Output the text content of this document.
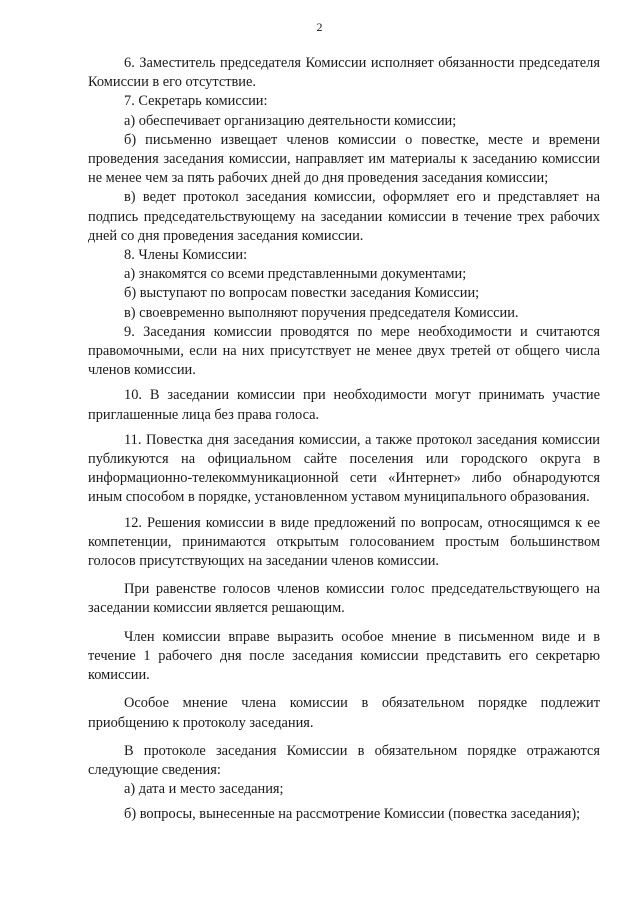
2

6. Заместитель председателя Комиссии исполняет обязанности председателя Комиссии в его отсутствие.

7. Секретарь комиссии:

а) обеспечивает организацию деятельности комиссии;

б) письменно извещает членов комиссии о повестке, месте и времени проведения заседания комиссии, направляет им материалы к заседанию комиссии не менее чем за пять рабочих дней до дня проведения заседания комиссии;

в) ведет протокол заседания комиссии, оформляет его и представляет на подпись председательствующему на заседании комиссии в течение трех рабочих дней со дня проведения заседания комиссии.

8. Члены Комиссии:

а) знакомятся со всеми представленными документами;

б) выступают по вопросам повестки заседания Комиссии;

в) своевременно выполняют поручения председателя Комиссии.

9. Заседания комиссии проводятся по мере необходимости и считаются правомочными, если на них присутствует не менее двух третей от общего числа членов комиссии.

10. В заседании комиссии при необходимости могут принимать участие приглашенные лица без права голоса.

11. Повестка дня заседания комиссии, а также протокол заседания комиссии публикуются на официальном сайте поселения или городского округа в информационно-телекоммуникационной сети «Интернет» либо обнародуются иным способом в порядке, установленном уставом муниципального образования.

12. Решения комиссии в виде предложений по вопросам, относящимся к ее компетенции, принимаются открытым голосованием простым большинством голосов присутствующих на заседании членов комиссии.

При равенстве голосов членов комиссии голос председательствующего на заседании комиссии является решающим.

Член комиссии вправе выразить особое мнение в письменном виде и в течение 1 рабочего дня после заседания комиссии представить его секретарю комиссии.

Особое мнение члена комиссии в обязательном порядке подлежит приобщению к протоколу заседания.

В протоколе заседания Комиссии в обязательном порядке отражаются следующие сведения:

а) дата и место заседания;

б) вопросы, вынесенные на рассмотрение Комиссии (повестка заседания);
